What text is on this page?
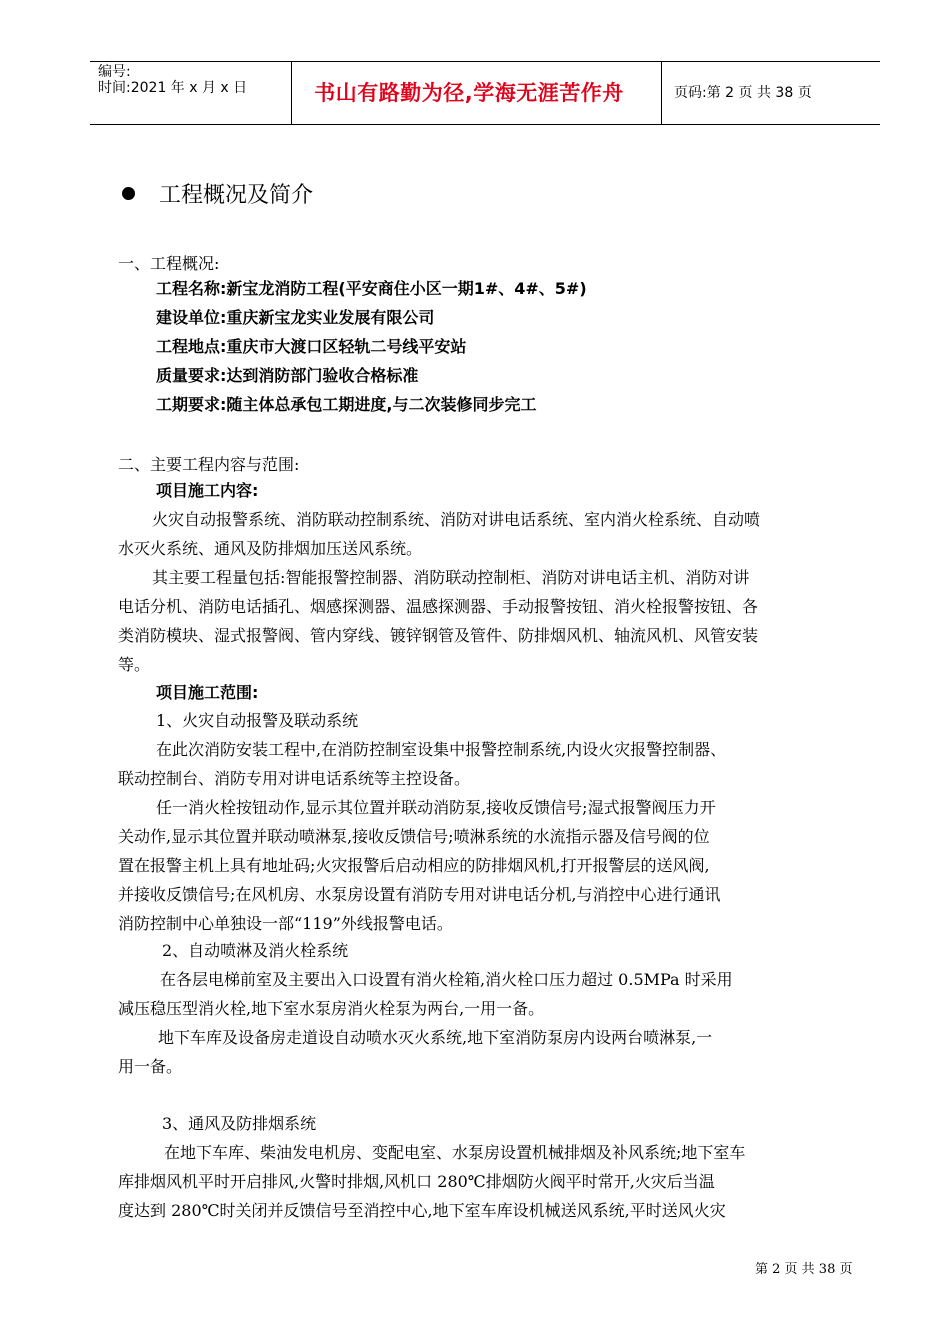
编号:
时间:2021 年 x 月 x 日	书山有路勤为径,学海无涯苦作舟	页码:第 2 页 共 38 页
工程概况及简介
一、工程概况:
工程名称:新宝龙消防工程(平安商住小区一期1#、4#、5#)
建设单位:重庆新宝龙实业发展有限公司
工程地点:重庆市大渡口区轻轨二号线平安站
质量要求:达到消防部门验收合格标准
工期要求:随主体总承包工期进度,与二次装修同步完工
二、主要工程内容与范围:
项目施工内容:
火灾自动报警系统、消防联动控制系统、消防对讲电话系统、室内消火栓系统、自动喷
水灭火系统、通风及防排烟加压送风系统。
其主要工程量包括:智能报警控制器、消防联动控制柜、消防对讲电话主机、消防对讲
电话分机、消防电话插孔、烟感探测器、温感探测器、手动报警按钮、消火栓报警按钮、各
类消防模块、湿式报警阀、管内穿线、镀锌钢管及管件、防排烟风机、轴流风机、风管安装
等。
项目施工范围:
1、火灾自动报警及联动系统
在此次消防安装工程中,在消防控制室设集中报警控制系统,内设火灾报警控制器、
联动控制台、消防专用对讲电话系统等主控设备。
任一消火栓按钮动作,显示其位置并联动消防泵,接收反馈信号;湿式报警阀压力开
关动作,显示其位置并联动喷淋泵,接收反馈信号;喷淋系统的水流指示器及信号阀的位
置在报警主机上具有地址码;火灾报警后启动相应的防排烟风机,打开报警层的送风阀,
并接收反馈信号;在风机房、水泵房设置有消防专用对讲电话分机,与消控中心进行通讯
消防控制中心单独设一部“119”外线报警电话。
2、自动喷淋及消火栓系统
在各层电梯前室及主要出入口设置有消火栓箱,消火栓口压力超过 0.5MPa 时采用
减压稳压型消火栓,地下室水泵房消火栓泵为两台,一用一备。
地下车库及设备房走道设自动喷水灭火系统,地下室消防泵房内设两台喷淋泵,一
用一备。
3、通风及防排烟系统
在地下车库、柴油发电机房、变配电室、水泵房设置机械排烟及补风系统;地下室车
库排烟风机平时开启排风,火警时排烟,风机口 280℃排烟防火阀平时常开,火灾后当温
度达到 280℃时关闭并反馈信号至消控中心,地下室车库设机械送风系统,平时送风火灾
第 2 页 共 38 页
